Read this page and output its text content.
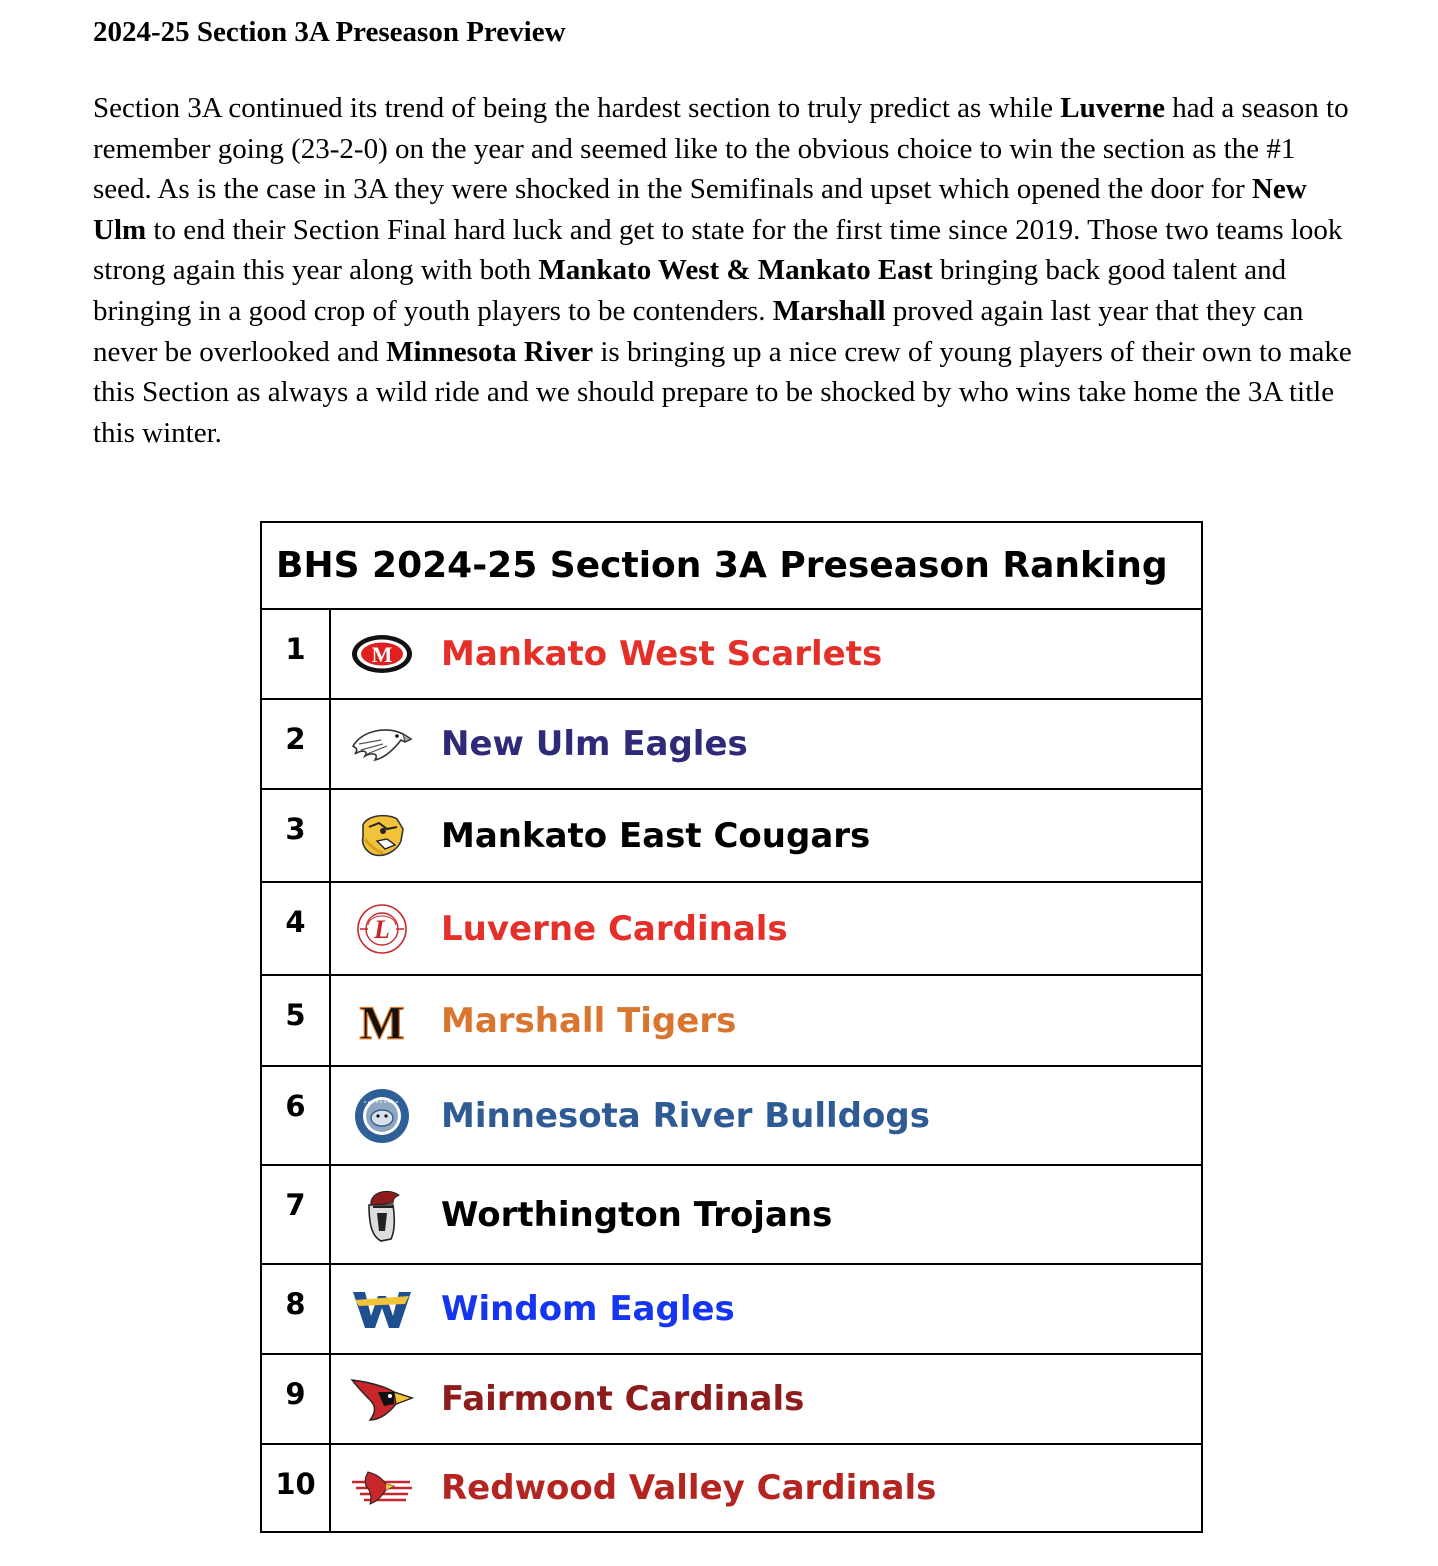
2024-25 Section 3A Preseason Preview
Section 3A continued its trend of being the hardest section to truly predict as while Luverne had a season to remember going (23-2-0) on the year and seemed like to the obvious choice to win the section as the #1 seed. As is the case in 3A they were shocked in the Semifinals and upset which opened the door for New Ulm to end their Section Final hard luck and get to state for the first time since 2019. Those two teams look strong again this year along with both Mankato West & Mankato East bringing back good talent and bringing in a good crop of youth players to be contenders. Marshall proved again last year that they can never be overlooked and Minnesota River is bringing up a nice crew of young players of their own to make this Section as always a wild ride and we should prepare to be shocked by who wins take home the 3A title this winter.
BHS 2024-25 Section 3A Preseason Ranking	
1	M Mankato West Scarlets

2	New Ulm Eagles

3	Mankato East Cougars

4	L Luverne Cardinals

5	M Marshall Tigers

6	Minnesota River Bulldogs

7	Worthington Trojans

8	Windom Eagles

9	Fairmont Cardinals

10	Redwood Valley Cardinals
